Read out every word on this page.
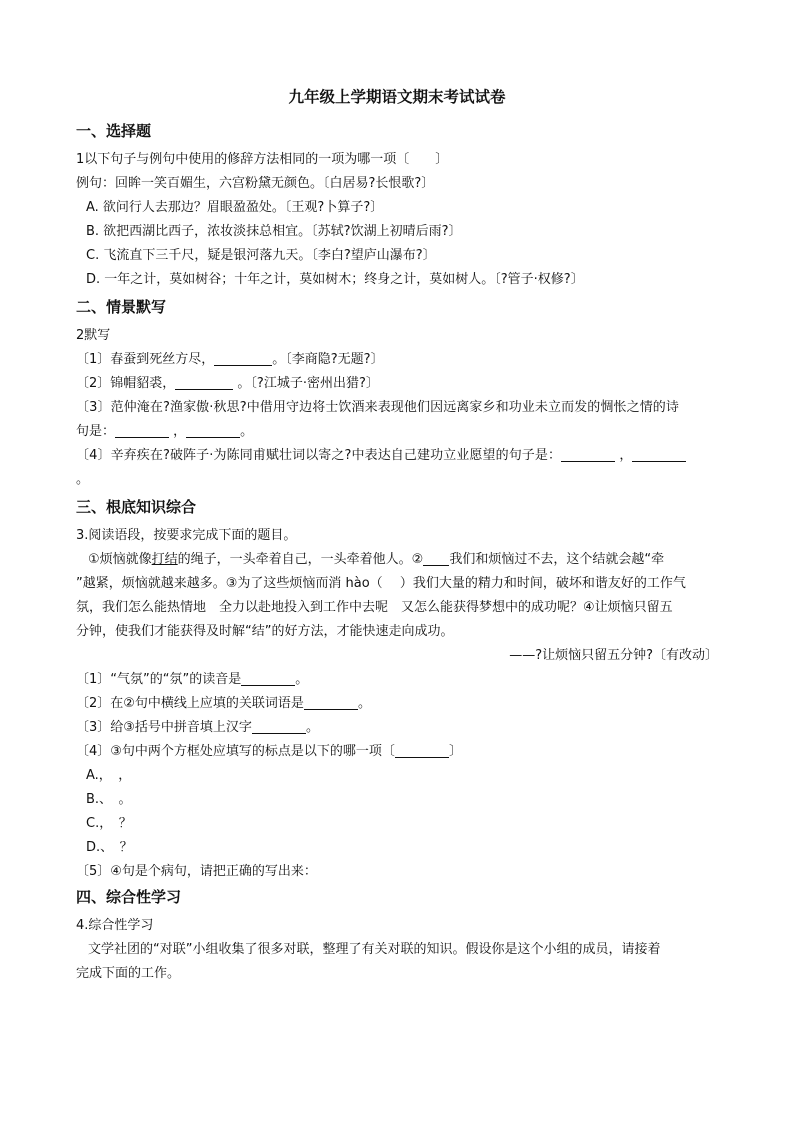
九年级上学期语文期末考试试卷
一、选择题

1以下句子与例句中使用的修辞方法相同的一项为哪一项〔　　〕

例句：回眸一笑百媚生，六宫粉黛无颜色。〔白居易?长恨歌?〕

A. 欲问行人去那边？眉眼盈盈处。〔王观?卜算子?〕

B. 欲把西湖比西子，浓妆淡抹总相宜。〔苏轼?饮湖上初晴后雨?〕

C. 飞流直下三千尺，疑是银河落九天。〔李白?望庐山瀑布?〕

D. 一年之计，莫如树谷；十年之计，莫如树木；终身之计，莫如树人。〔?管子·权修?〕

二、情景默写

2默写

〔1〕春蚕到死丝方尽，	。〔李商隐?无题?〕

〔2〕锦帽貂裘，	。〔?江城子·密州出猎?〕

〔3〕范仲淹在?渔家傲·秋思?中借用守边将士饮酒来表现他们因远离家乡和功业未立而发的惆怅之情的诗

句是：	，	。

〔4〕辛弃疾在?破阵子·为陈同甫赋壮词以寄之?中表达自己建功立业愿望的句子是：	，

。

三、根底知识综合

3.阅读语段，按要求完成下面的题目。

①烦恼就像打结的绳子，一头牵着自己，一头牵着他人。② 我们和烦恼过不去，这个结就会越“牵

”越紧，烦恼就越来越多。③为了这些烦恼而消 hào（　 ）我们大量的精力和时间，破坏和谐友好的工作气

氛，我们怎么能热情地　全力以赴地投入到工作中去呢　又怎么能获得梦想中的成功呢？④让烦恼只留五

分钟，使我们才能获得及时解“结”的好方法，才能快速走向成功。

——?让烦恼只留五分钟?〔有改动〕

〔1〕“气氛”的“氛”的读音是	。

〔2〕在②句中横线上应填的关联词语是	。

〔3〕给③括号中拼音填上汉字	。

〔4〕③句中两个方框处应填写的标点是以下的哪一项〔	〕

A.，　，

B.、　。

C.，　？

D.、　？

〔5〕④句是个病句，请把正确的写出来：

四、综合性学习

4.综合性学习

文学社团的“对联”小组收集了很多对联，整理了有关对联的知识。假设你是这个小组的成员，请接着

完成下面的工作。
